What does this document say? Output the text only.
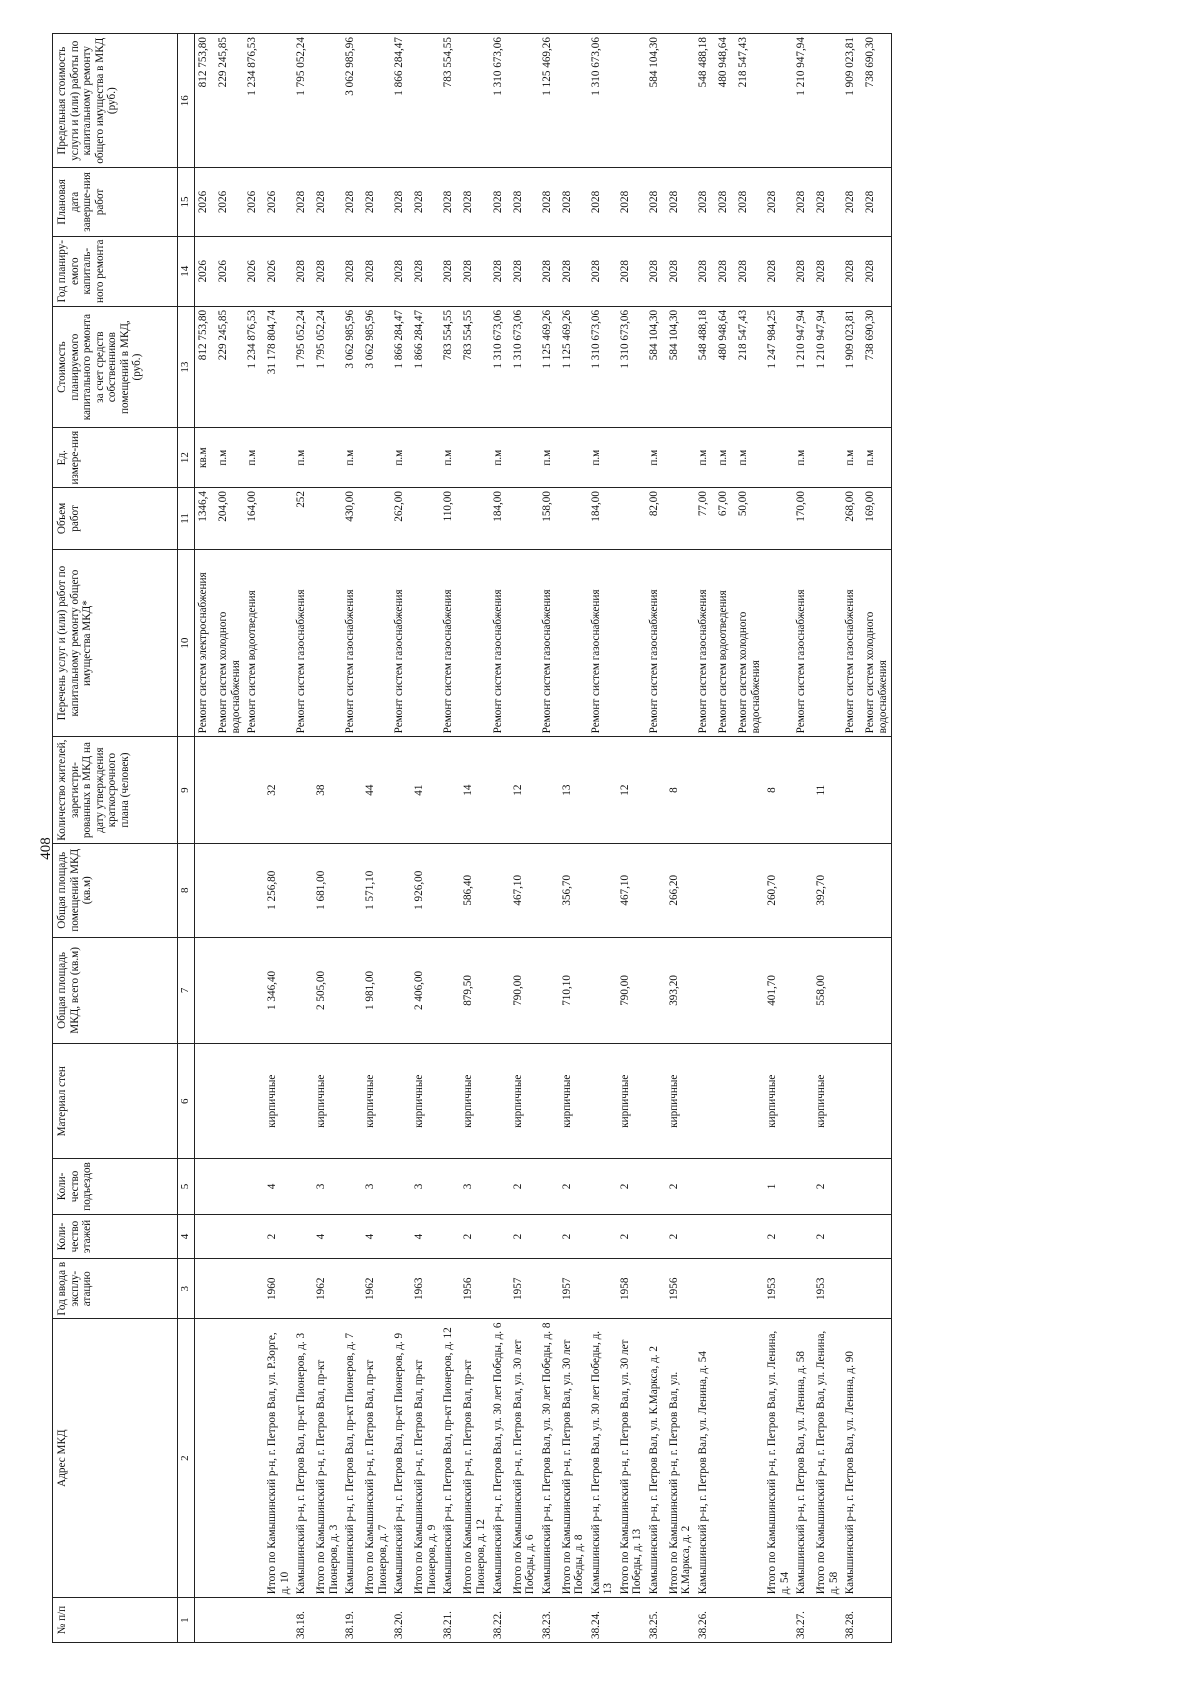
408
№ п/п	Адрес МКД	Год ввода в эксплу-атацию	Коли-чество этажей	Коли-чество подъездов	Материал стен	Общая площадь МКД, всего (кв.м)	Общая площадь помещений МКД (кв.м)	Количество жителей, зарегистри-рованных в МКД на дату утверждения краткосрочного плана (человек)	Перечень услуг и (или) работ по капитальному ремонту общего имущества МКД*	Объем работ	Ед. измере-ния	Стоимость планируемого капитального ремонта за счет средств собственников помещений в МКД, (руб.)	Год планиру-емого капиталь-ного ремонта	Плановая дата заверше-ния работ	Предельная стоимость услуги и (или) работы по капитальному ремонту общего имущества в МКД (руб.)
1	2	3	4	5	6	7	8	9	10	11	12	13	14	15	16
									Ремонт систем электроснабжения	1346,4	кв.м	812 753,80	2026	2026	812 753,80
									Ремонт систем холодного водоснабжения	204,00	п.м	229 245,85	2026	2026	229 245,85
									Ремонт систем водоотведения	164,00	п.м	1 234 876,53	2026	2026	1 234 876,53
	Итого по Камышинский р-н, г. Петров Вал, ул. Р.Зорге, д. 10	1960	2	4	кирпичные	1 346,40	1 256,80	32				31 178 804,74	2026	2026	
38.18.	Камышинский р-н, г. Петров Вал, пр-кт Пионеров, д. 3								Ремонт систем газоснабжения	252	п.м	1 795 052,24	2028	2028	1 795 052,24
	Итого по Камышинский р-н, г. Петров Вал, пр-кт Пионеров, д. 3	1962	4	3	кирпичные	2 505,00	1 681,00	38				1 795 052,24	2028	2028	
38.19.	Камышинский р-н, г. Петров Вал, пр-кт Пионеров, д. 7								Ремонт систем газоснабжения	430,00	п.м	3 062 985,96	2028	2028	3 062 985,96
	Итого по Камышинский р-н, г. Петров Вал, пр-кт Пионеров, д. 7	1962	4	3	кирпичные	1 981,00	1 571,10	44				3 062 985,96	2028	2028	
38.20.	Камышинский р-н, г. Петров Вал, пр-кт Пионеров, д. 9								Ремонт систем газоснабжения	262,00	п.м	1 866 284,47	2028	2028	1 866 284,47
	Итого по Камышинский р-н, г. Петров Вал, пр-кт Пионеров, д. 9	1963	4	3	кирпичные	2 406,00	1 926,00	41				1 866 284,47	2028	2028	
38.21.	Камышинский р-н, г. Петров Вал, пр-кт Пионеров, д. 12								Ремонт систем газоснабжения	110,00	п.м	783 554,55	2028	2028	783 554,55
	Итого по Камышинский р-н, г. Петров Вал, пр-кт Пионеров, д. 12	1956	2	3	кирпичные	879,50	586,40	14				783 554,55	2028	2028	
38.22.	Камышинский р-н, г. Петров Вал, ул. 30 лет Победы, д. 6								Ремонт систем газоснабжения	184,00	п.м	1 310 673,06	2028	2028	1 310 673,06
	Итого по Камышинский р-н, г. Петров Вал, ул. 30 лет Победы, д. 6	1957	2	2	кирпичные	790,00	467,10	12				1 310 673,06	2028	2028	
38.23.	Камышинский р-н, г. Петров Вал, ул. 30 лет Победы, д. 8								Ремонт систем газоснабжения	158,00	п.м	1 125 469,26	2028	2028	1 125 469,26
	Итого по Камышинский р-н, г. Петров Вал, ул. 30 лет Победы, д. 8	1957	2	2	кирпичные	710,10	356,70	13				1 125 469,26	2028	2028	
38.24.	Камышинский р-н, г. Петров Вал, ул. 30 лет Победы, д. 13								Ремонт систем газоснабжения	184,00	п.м	1 310 673,06	2028	2028	1 310 673,06
	Итого по Камышинский р-н, г. Петров Вал, ул. 30 лет Победы, д. 13	1958	2	2	кирпичные	790,00	467,10	12				1 310 673,06	2028	2028	
38.25.	Камышинский р-н, г. Петров Вал, ул. К.Маркса, д. 2								Ремонт систем газоснабжения	82,00	п.м	584 104,30	2028	2028	584 104,30
	Итого по Камышинский р-н, г. Петров Вал, ул. К.Маркса, д. 2	1956	2	2	кирпичные	393,20	266,20	8				584 104,30	2028	2028	
38.26.	Камышинский р-н, г. Петров Вал, ул. Ленина, д. 54								Ремонт систем газоснабжения	77,00	п.м	548 488,18	2028	2028	548 488,18
									Ремонт систем водоотведения	67,00	п.м	480 948,64	2028	2028	480 948,64
									Ремонт систем холодного водоснабжения	50,00	п.м	218 547,43	2028	2028	218 547,43
	Итого по Камышинский р-н, г. Петров Вал, ул. Ленина, д. 54	1953	2	1	кирпичные	401,70	260,70	8				1 247 984,25	2028	2028	
38.27.	Камышинский р-н, г. Петров Вал, ул. Ленина, д. 58								Ремонт систем газоснабжения	170,00	п.м	1 210 947,94	2028	2028	1 210 947,94
	Итого по Камышинский р-н, г. Петров Вал, ул. Ленина, д. 58	1953	2	2	кирпичные	558,00	392,70	11				1 210 947,94	2028	2028	
38.28.	Камышинский р-н, г. Петров Вал, ул. Ленина, д. 90								Ремонт систем газоснабжения	268,00	п.м	1 909 023,81	2028	2028	1 909 023,81
									Ремонт систем холодного водоснабжения	169,00	п.м	738 690,30	2028	2028	738 690,30
